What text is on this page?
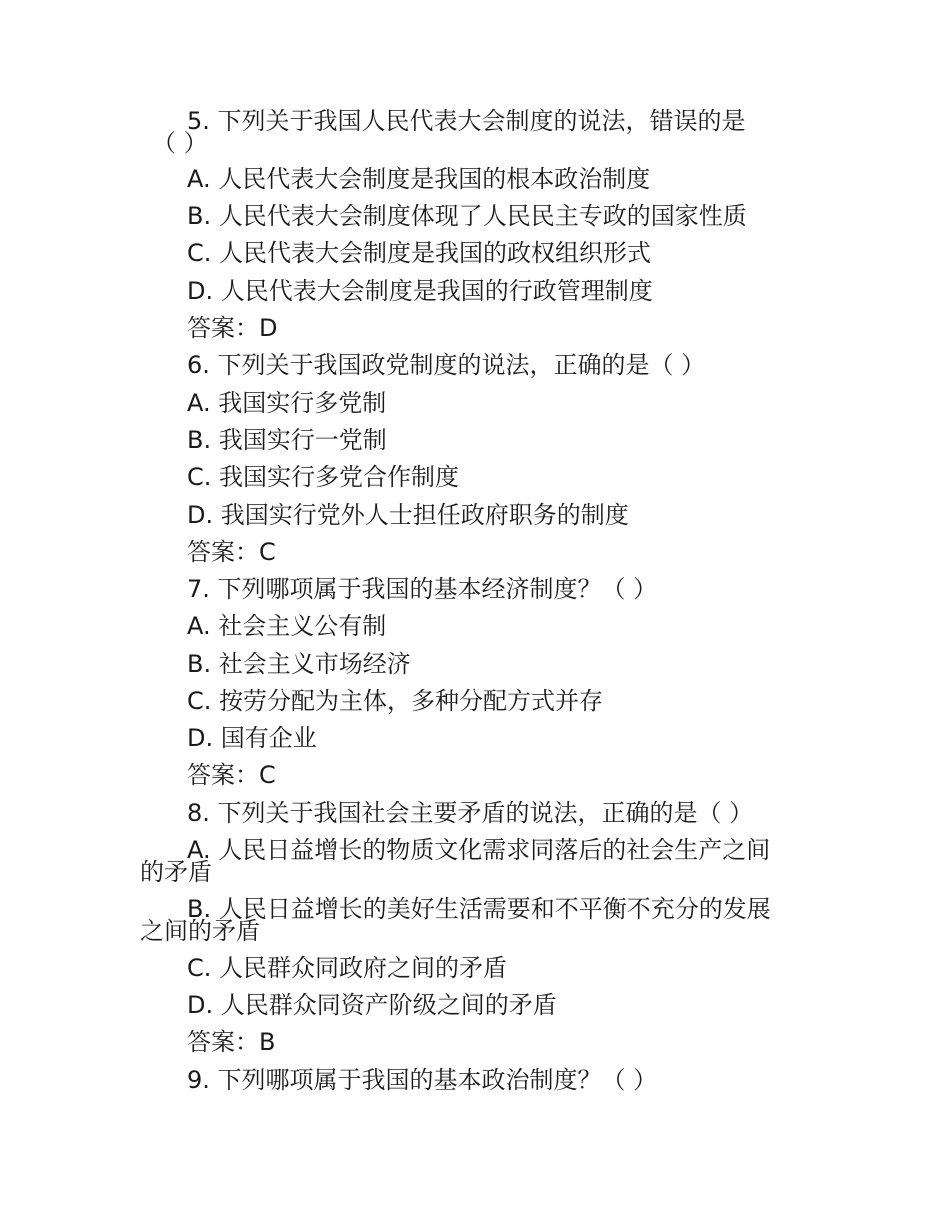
5. 下列关于我国人民代表大会制度的说法，错误的是
（ ）
A. 人民代表大会制度是我国的根本政治制度
B. 人民代表大会制度体现了人民民主专政的国家性质
C. 人民代表大会制度是我国的政权组织形式
D. 人民代表大会制度是我国的行政管理制度
答案：D
6. 下列关于我国政党制度的说法，正确的是（ ）
A. 我国实行多党制
B. 我国实行一党制
C. 我国实行多党合作制度
D. 我国实行党外人士担任政府职务的制度
答案：C
7. 下列哪项属于我国的基本经济制度？（ ）
A. 社会主义公有制
B. 社会主义市场经济
C. 按劳分配为主体，多种分配方式并存
D. 国有企业
答案：C
8. 下列关于我国社会主要矛盾的说法，正确的是（ ）
A. 人民日益增长的物质文化需求同落后的社会生产之间
的矛盾
B. 人民日益增长的美好生活需要和不平衡不充分的发展
之间的矛盾
C. 人民群众同政府之间的矛盾
D. 人民群众同资产阶级之间的矛盾
答案：B
9. 下列哪项属于我国的基本政治制度？（ ）
